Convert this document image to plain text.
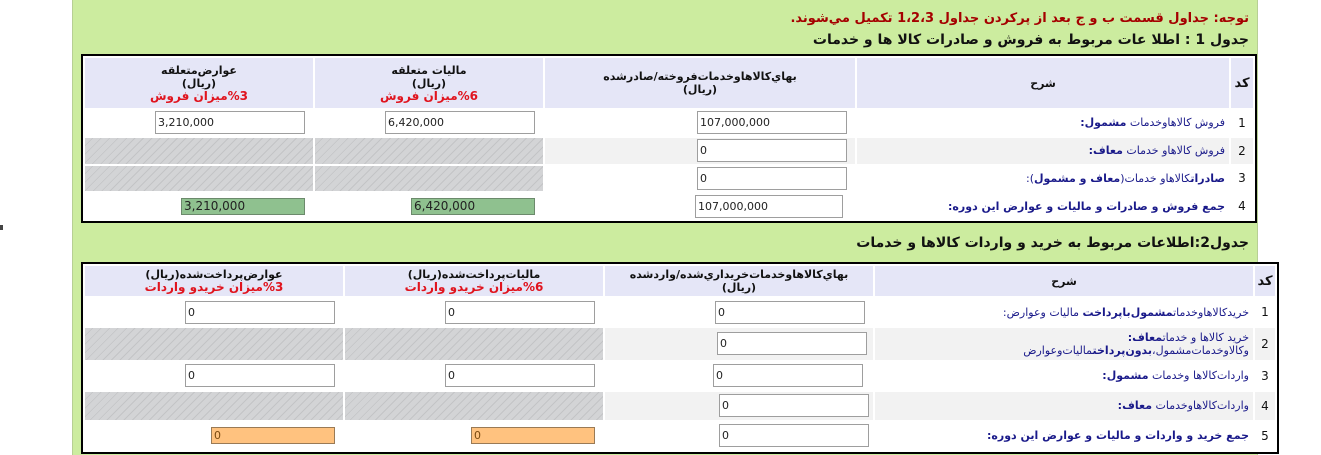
توجه: جداول قسمت ب و ج بعد از پركردن جداول 1،2،3 تكميل مي‌شوند.
جدول 1 : اطلا عات مربوط به فروش و صادرات كالا ها و خدمات
كد	شرح	
بهاي‌كالاهاوخدمات‌فروخته/صادرشده
(ريال)

ماليات متعلقه
(ريال)
%6ميزان فروش

عوارض‌متعلقه
(ريال)
%3ميزان فروش

1	فروش كالاهاوخدمات مشمول:	107,000,000	6,420,000	3,210,000
2	فروش كالاهاو خدمات معاف:	0		
3	صادراتكالاهاو خدمات(معاف و مشمول):	0		
4	جمع فروش و صادرات و ماليات و عوارض اين دوره:	107,000,000	6,420,000	3,210,000
جدول2:اطلاعات مربوط به خريد و واردات كالاها و خدمات
كد	شرح	
بهاي‌كالاهاوخدمات‌خريداري‌شده/واردشده
(ريال)

ماليات‌پرداخت‌شده(ريال)
%6ميزان خريدو واردات

عوارض‌پرداخت‌شده(ريال)
%3ميزان خريدو واردات

1	خريدكالاهاوخدماتمشمول‌باپرداخت ماليات وعوارض:	0	0	0
2	خريد كالاها و خدماتمعاف:
وكالاوخدمات‌مشمول،بدون‌پرداختماليات‌وعوارض
	0		
3	واردات‌كالاها وخدمات مشمول:	0	0	0
4	واردات‌كالاهاوخدمات معاف:	0		
5	جمع خريد و واردات و ماليات و عوارض اين دوره:	0	0	0
